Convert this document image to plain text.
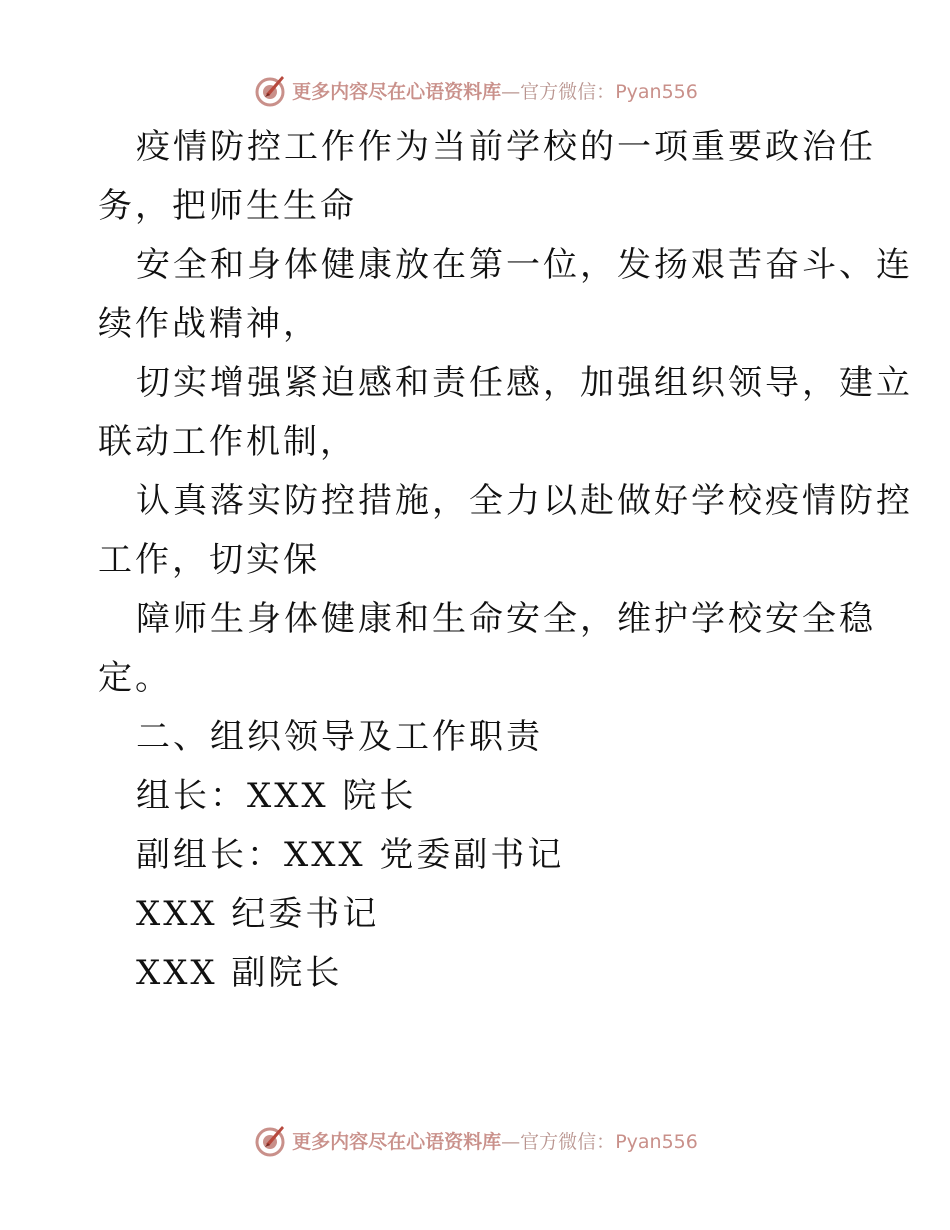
更多内容尽在心语资料库—官方微信：Pyan556
疫情防控工作作为当前学校的一项重要政治任
务，把师生生命
安全和身体健康放在第一位，发扬艰苦奋斗、连
续作战精神，
切实增强紧迫感和责任感，加强组织领导，建立
联动工作机制，
认真落实防控措施，全力以赴做好学校疫情防控
工作，切实保
障师生身体健康和生命安全，维护学校安全稳
定。
二、组织领导及工作职责
组长：XXX 院长
副组长：XXX 党委副书记
XXX 纪委书记
XXX 副院长
更多内容尽在心语资料库—官方微信：Pyan556
